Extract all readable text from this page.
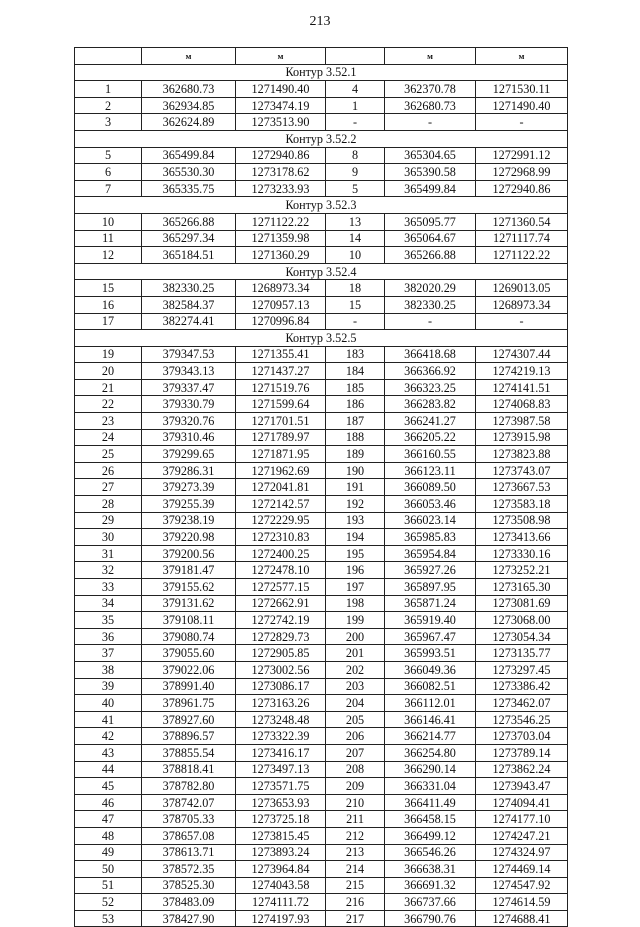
213
	м	м		м	м
Контур 3.52.1					
1	362680.73	1271490.40	4	362370.78	1271530.11
2	362934.85	1273474.19	1	362680.73	1271490.40
3	362624.89	1273513.90	-	-	-
Контур 3.52.2					
5	365499.84	1272940.86	8	365304.65	1272991.12
6	365530.30	1273178.62	9	365390.58	1272968.99
7	365335.75	1273233.93	5	365499.84	1272940.86
Контур 3.52.3					
10	365266.88	1271122.22	13	365095.77	1271360.54
11	365297.34	1271359.98	14	365064.67	1271117.74
12	365184.51	1271360.29	10	365266.88	1271122.22
Контур 3.52.4					
15	382330.25	1268973.34	18	382020.29	1269013.05
16	382584.37	1270957.13	15	382330.25	1268973.34
17	382274.41	1270996.84	-	-	-
Контур 3.52.5					
19	379347.53	1271355.41	183	366418.68	1274307.44
20	379343.13	1271437.27	184	366366.92	1274219.13
21	379337.47	1271519.76	185	366323.25	1274141.51
22	379330.79	1271599.64	186	366283.82	1274068.83
23	379320.76	1271701.51	187	366241.27	1273987.58
24	379310.46	1271789.97	188	366205.22	1273915.98
25	379299.65	1271871.95	189	366160.55	1273823.88
26	379286.31	1271962.69	190	366123.11	1273743.07
27	379273.39	1272041.81	191	366089.50	1273667.53
28	379255.39	1272142.57	192	366053.46	1273583.18
29	379238.19	1272229.95	193	366023.14	1273508.98
30	379220.98	1272310.83	194	365985.83	1273413.66
31	379200.56	1272400.25	195	365954.84	1273330.16
32	379181.47	1272478.10	196	365927.26	1273252.21
33	379155.62	1272577.15	197	365897.95	1273165.30
34	379131.62	1272662.91	198	365871.24	1273081.69
35	379108.11	1272742.19	199	365919.40	1273068.00
36	379080.74	1272829.73	200	365967.47	1273054.34
37	379055.60	1272905.85	201	365993.51	1273135.77
38	379022.06	1273002.56	202	366049.36	1273297.45
39	378991.40	1273086.17	203	366082.51	1273386.42
40	378961.75	1273163.26	204	366112.01	1273462.07
41	378927.60	1273248.48	205	366146.41	1273546.25
42	378896.57	1273322.39	206	366214.77	1273703.04
43	378855.54	1273416.17	207	366254.80	1273789.14
44	378818.41	1273497.13	208	366290.14	1273862.24
45	378782.80	1273571.75	209	366331.04	1273943.47
46	378742.07	1273653.93	210	366411.49	1274094.41
47	378705.33	1273725.18	211	366458.15	1274177.10
48	378657.08	1273815.45	212	366499.12	1274247.21
49	378613.71	1273893.24	213	366546.26	1274324.97
50	378572.35	1273964.84	214	366638.31	1274469.14
51	378525.30	1274043.58	215	366691.32	1274547.92
52	378483.09	1274111.72	216	366737.66	1274614.59
53	378427.90	1274197.93	217	366790.76	1274688.41
